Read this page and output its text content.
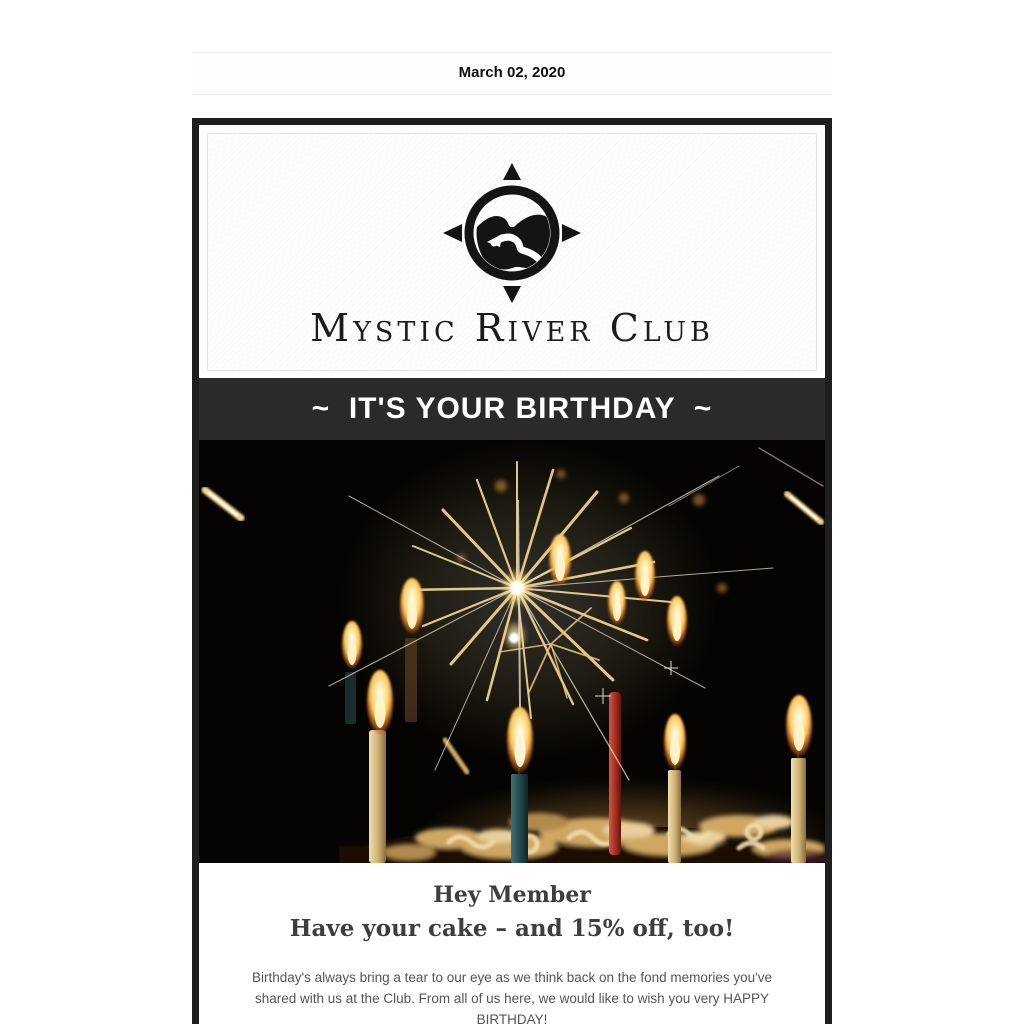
March 02, 2020
Mystic River Club
~  IT'S YOUR BIRTHDAY  ~
Hey Member
Have your cake – and 15% off, too!
Birthday's always bring a tear to our eye as we think back on the fond memories you've
shared with us at the Club. From all of us here, we would like to wish you very HAPPY
BIRTHDAY!
